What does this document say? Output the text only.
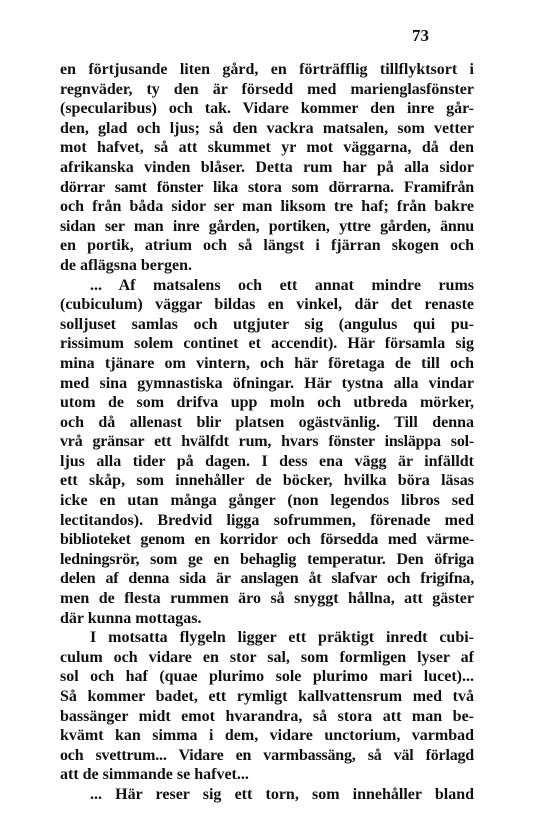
73
en förtjusande liten gård, en förträfflig tillflyktsort i
regnväder, ty den är försedd med marienglasfönster
(specularibus) och tak. Vidare kommer den inre går-
den, glad och ljus; så den vackra matsalen, som vetter
mot hafvet, så att skummet yr mot väggarna, då den
afrikanska vinden blåser. Detta rum har på alla sidor
dörrar samt fönster lika stora som dörrarna. Framifrån
och från båda sidor ser man liksom tre haf; från bakre
sidan ser man inre gården, portiken, yttre gården, ännu
en portik, atrium och så längst i fjärran skogen och
de aflägsna bergen.
... Af matsalens och ett annat mindre rums
(cubiculum) väggar bildas en vinkel, där det renaste
solljuset samlas och utgjuter sig (angulus qui pu-
rissimum solem continet et accendit). Här församla sig
mina tjänare om vintern, och här företaga de till och
med sina gymnastiska öfningar. Här tystna alla vindar
utom de som drifva upp moln och utbreda mörker,
och då allenast blir platsen ogästvänlig. Till denna
vrå gränsar ett hvälfdt rum, hvars fönster insläppa sol-
ljus alla tider på dagen. I dess ena vägg är infälldt
ett skåp, som innehåller de böcker, hvilka böra läsas
icke en utan många gånger (non legendos libros sed
lectitandos). Bredvid ligga sofrummen, förenade med
biblioteket genom en korridor och försedda med värme-
ledningsrör, som ge en behaglig temperatur. Den öfriga
delen af denna sida är anslagen åt slafvar och frigifna,
men de flesta rummen äro så snyggt hållna, att gäster
där kunna mottagas.
I motsatta flygeln ligger ett präktigt inredt cubi-
culum och vidare en stor sal, som formligen lyser af
sol och haf (quae plurimo sole plurimo mari lucet)...
Så kommer badet, ett rymligt kallvattensrum med två
bassänger midt emot hvarandra, så stora att man be-
kvämt kan simma i dem, vidare unctorium, varmbad
och svettrum... Vidare en varmbassäng, så väl förlagd
att de simmande se hafvet...
... Här reser sig ett torn, som innehåller bland
